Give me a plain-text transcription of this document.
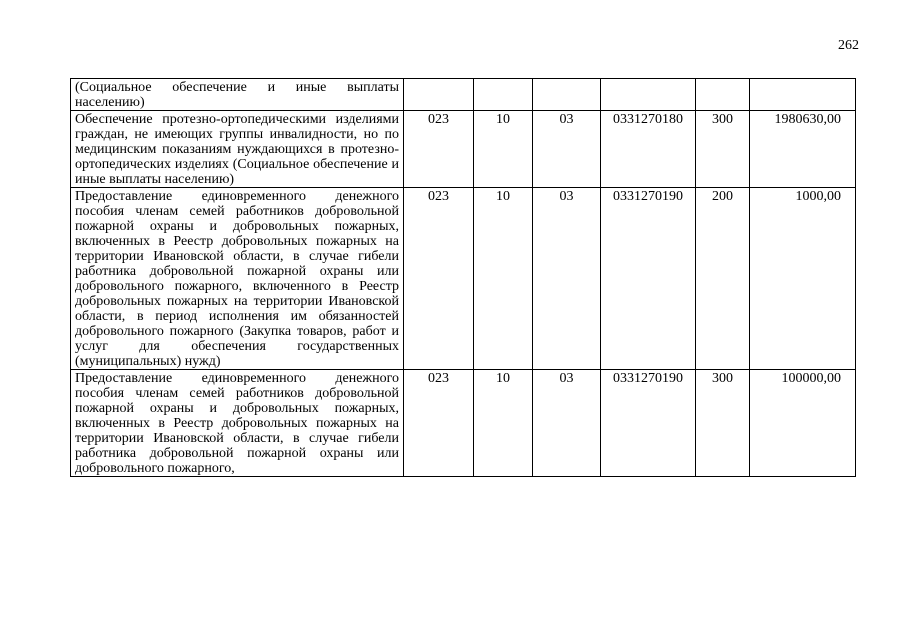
262
(Социальное обеспечение и иные выплаты населению)						
Обеспечение протезно-ортопедическими изделиями граждан, не имеющих группы инвалидности, но по медицинским показаниям нуждающихся в протезно-ортопедических изделиях (Социальное обеспечение и иные выплаты населению)	023	10	03	0331270180	300	1980630,00
Предоставление единовременного денежного пособия членам семей работников добровольной пожарной охраны и добровольных пожарных, включенных в Реестр добровольных пожарных на территории Ивановской области, в случае гибели работника добровольной пожарной охраны или добровольного пожарного, включенного в Реестр добровольных пожарных на территории Ивановской области, в период исполнения им обязанностей добровольного пожарного (Закупка товаров, работ и услуг для обеспечения государственных (муниципальных) нужд)	023	10	03	0331270190	200	1000,00
Предоставление единовременного денежного пособия членам семей работников добровольной пожарной охраны и добровольных пожарных, включенных в Реестр добровольных пожарных на территории Ивановской области, в случае гибели работника добровольной пожарной охраны или добровольного пожарного,	023	10	03	0331270190	300	100000,00
